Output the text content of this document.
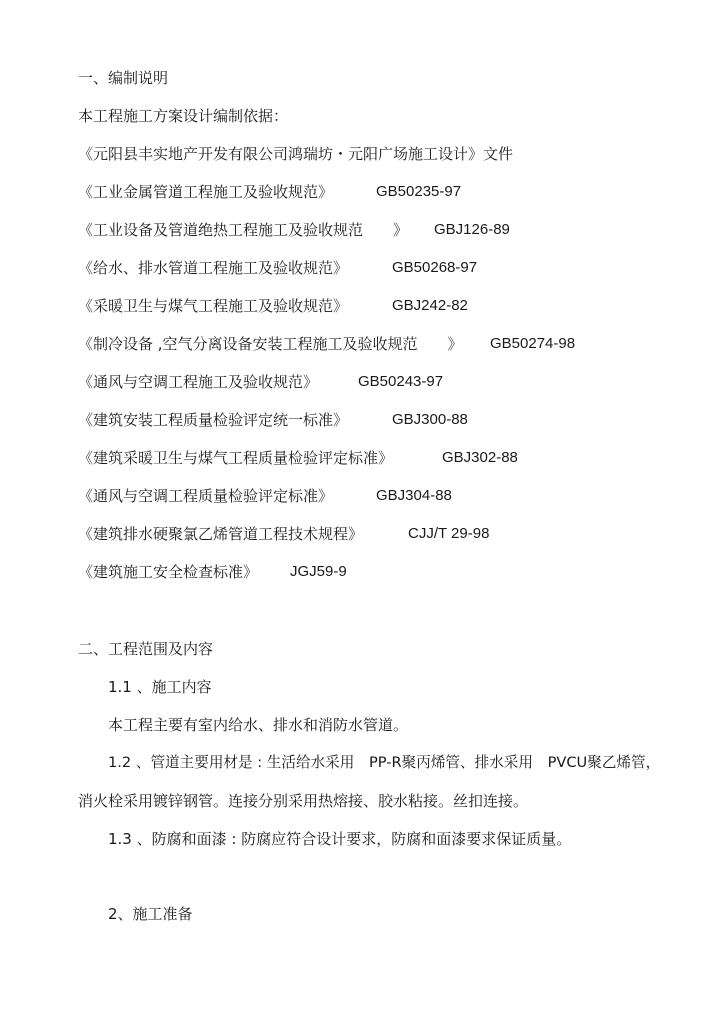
一、编制说明
本工程施工方案设计编制依据：
《元阳县丰实地产开发有限公司鸿瑞坊・元阳广场施工设计》文件
《工业金属管道工程施工及验收规范》	GB50235-97
《工业设备及管道绝热工程施工及验收规范　　》 GBJ126-89
《给水、排水管道工程施工及验收规范》	GB50268-97
《采暖卫生与煤气工程施工及验收规范》	GBJ242-82
《制冷设备 ,空气分离设备安装工程施工及验收规范　　》 GB50274-98
《通风与空调工程施工及验收规范》	GB50243-97
《建筑安装工程质量检验评定统一标准》	GBJ300-88
《建筑采暖卫生与煤气工程质量检验评定标准》	GBJ302-88
《通风与空调工程质量检验评定标准》	GBJ304-88
《建筑排水硬聚氯乙烯管道工程技术规程》	CJJ/T 29-98
《建筑施工安全检查标准》 JGJ59-9
二、工程范围及内容
1.1 、施工内容
本工程主要有室内给水、排水和消防水管道。
1.2 、管道主要用材是 : 生活给水采用　PP-R聚丙烯管、排水采用　PVCU聚乙烯管，
消火栓采用镀锌钢管。连接分别采用热熔接、胶水粘接。丝扣连接。
1.3 、防腐和面漆 : 防腐应符合设计要求，防腐和面漆要求保证质量。
2、施工准备
